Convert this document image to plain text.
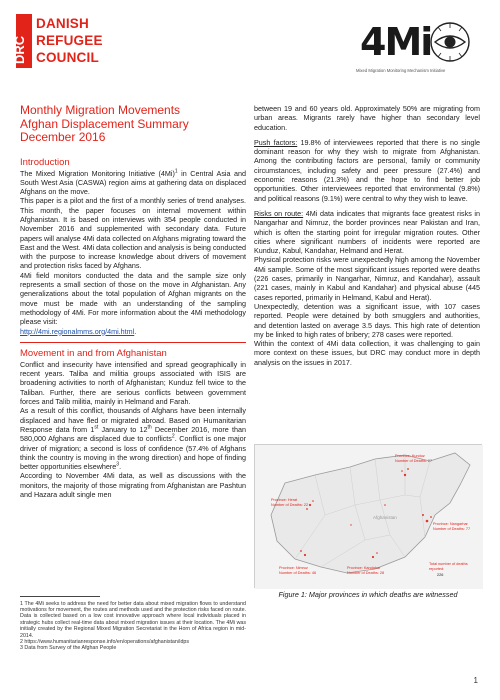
DRC
DANISH
REFUGEE
COUNCIL	4Mi
Mixed Migration Monitoring Mechanism Initiative
Monthly Migration Movements
Afghan Displacement Summary
December 2016
Introduction

The Mixed Migration Monitoring Initiative $(4Mi)^1$ in Central Asia and South West Asia (CASWA) region aims at gathering data on displaced Afghans on the move.

This paper is a pilot and the first of a monthly series of trend analyses. This month, the paper focuses on internal movement within Afghanistan. It is based on interviews with 354 people conducted in November 2016 and supplemented with secondary data. Future papers will analyse 4Mi data collected on Afghans migrating toward the East and the West. 4Mi data collection and analysis is being conducted with the purpose to increase knowledge about drivers of movement and protection risks faced by Afghans.

4Mi field monitors conducted the data and the sample size only represents a small section of those on the move in Afghanistan. Any generalizations about the total population of Afghan migrants on the move must be made with an understanding of the sampling methodology of 4Mi. For more information about the 4Mi methodology please visit:
http://4mi.regionalmms.org/4mi.html.

Movement in and from Afghanistan

Conflict and insecurity have intensified and spread geographically in recent years. Taliba and militia groups associated with ISIS are broadening activities to north of Afghanistan; Kunduz fell twice to the Taliban. Further, there are serious conflicts between government forces and Talib militia, mainly in Helmand and Farah.

As a result of this conflict, thousands of Afghans have been internally displaced and have fled or migrated abroad. Based on Humanitarian Response data from 1st January to 12th December 2016, more than 580,000 Afghans are displaced due to conflicts$^2$. Conflict is one major driver of migration; a second is loss of confidence (57.4% of Afghans think the country is moving in the wrong direction) and hope of finding better opportunities elsewhere$^3$.

According to November 4Mi data, as well as discussions with the monitors, the majority of those migrating from Afghanistan are Pashtun and Hazara adult single men

1 The 4Mi seeks to address the need for better data about mixed migration flows to understand motivations for movement, the routes and methods used and the protection risks faced on route. Data is collected based on a low cost innovative approach where local individuals placed in strategic hubs collect real-time data about mixed migration issues at their location. The 4Mi was initially created by the Regional Mixed Migration Secretariat in the Horn of Africa region in mid-2014.

2 https://www.humanitarianresponse.info/en/operations/afghanistan/idps

3 Data from Survey of the Afghan People

between 19 and 60 years old. Approximately 50% are migrating from urban areas. Migrants rarely have higher than secondary level education.

Push factors: 19.8% of interviewees reported that there is no single dominant reason for why they wish to migrate from Afghanistan. Among the contributing factors are personal, family or community circumstances, including safety and peer pressure (27.4%) and economic reasons (21.3%) and the hope to find better job opportunities. Other interviewees reported that environmental (9.8%) and political reasons (9.1%) were central to why they wish to leave.

Risks on route: 4Mi data indicates that migrants face greatest risks in Nangarhar and Nimruz, the border provinces near Pakistan and Iran, which is often the starting point for irregular migration routes. Other cities where significant numbers of incidents were reported are Kunduz, Kabul, Kandahar, Helmand and Herat.

Physical protection risks were unexpectedly high among the November 4Mi sample. Some of the most significant issues reported were deaths (226 cases, primarily in Nangarhar, Nimruz, and Kandahar), assault (221 cases, mainly in Kabul and Kandahar) and physical abuse (445 cases reported, primarily in Helmand, Kabul and Herat).

Unexpectedly, detention was a significant issue, with 107 cases reported. People were detained by both smugglers and authorities, and detention lasted on average 3.5 days. This high rate of detention my be linked to high rates of bribery; 278 cases were reported.

Within the context of 4Mi data collection, it was challenging to gain more context on these issues, but DRC may conduct more in depth analysis on the issues in 2017.

Afghanistan
Province: Kunduz
Number of Deaths: 27
Province: Herat
Number of Deaths: 22
Province: Nangarhar
Number of Deaths: 77
Province: Nimruz
Number of Deaths: 46
Province: Kandahar
Number of Deaths: 28
Total number of deaths
reported:
226
Figure 1: Major provinces in which deaths are witnessed
1
